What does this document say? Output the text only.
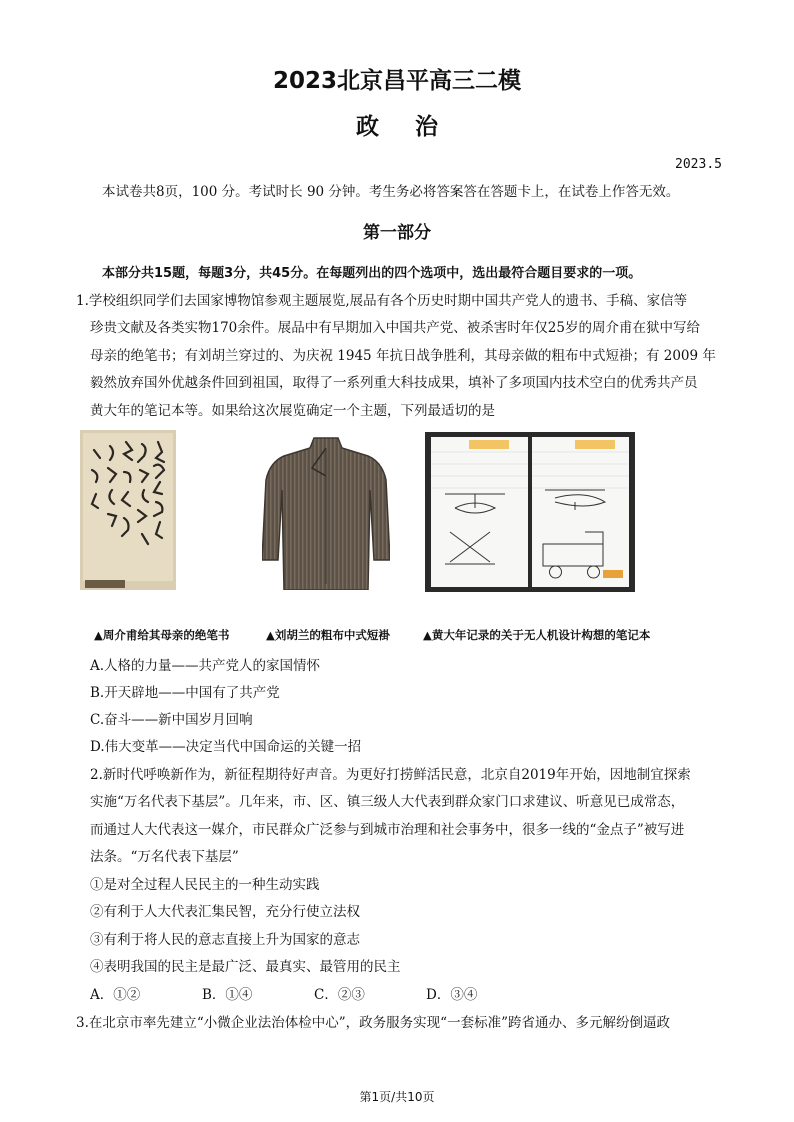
2023北京昌平高三二模
政治
2023.5
本试卷共8页，100 分。考试时长 90 分钟。考生务必将答案答在答题卡上，在试卷上作答无效。
第一部分
本部分共15题，每题3分，共45分。在每题列出的四个选项中，选出最符合题目要求的一项。
1.学校组织同学们去国家博物馆参观主题展览,展品有各个历史时期中国共产党人的遗书、手稿、家信等
珍贵文献及各类实物170余件。展品中有早期加入中国共产党、被杀害时年仅25岁的周介甫在狱中写给
母亲的绝笔书；有刘胡兰穿过的、为庆祝 1945 年抗日战争胜利，其母亲做的粗布中式短褂；有 2009 年
毅然放弃国外优越条件回到祖国，取得了一系列重大科技成果，填补了多项国内技术空白的优秀共产员
黄大年的笔记本等。如果给这次展览确定一个主题，下列最适切的是
▲周介甫给其母亲的绝笔书	▲刘胡兰的粗布中式短褂	▲黄大年记录的关于无人机设计构想的笔记本
A.人格的力量——共产党人的家国情怀
B.开天辟地——中国有了共产党
C.奋斗——新中国岁月回响
D.伟大变革——决定当代中国命运的关键一招
2.新时代呼唤新作为，新征程期待好声音。为更好打捞鲜活民意，北京自2019年开始，因地制宜探索
实施“万名代表下基层”。几年来，市、区、镇三级人大代表到群众家门口求建议、听意见已成常态，
而通过人大代表这一媒介，市民群众广泛参与到城市治理和社会事务中，很多一线的“金点子”被写进
法条。“万名代表下基层”
①是对全过程人民民主的一种生动实践
②有利于人大代表汇集民智，充分行使立法权
③有利于将人民的意志直接上升为国家的意志
④表明我国的民主是最广泛、最真实、最管用的民主
A．①②	B．①④	C．②③	D．③④
3.在北京市率先建立“小微企业法治体检中心”，政务服务实现“一套标准”跨省通办、多元解纷倒逼政
第1页/共10页
